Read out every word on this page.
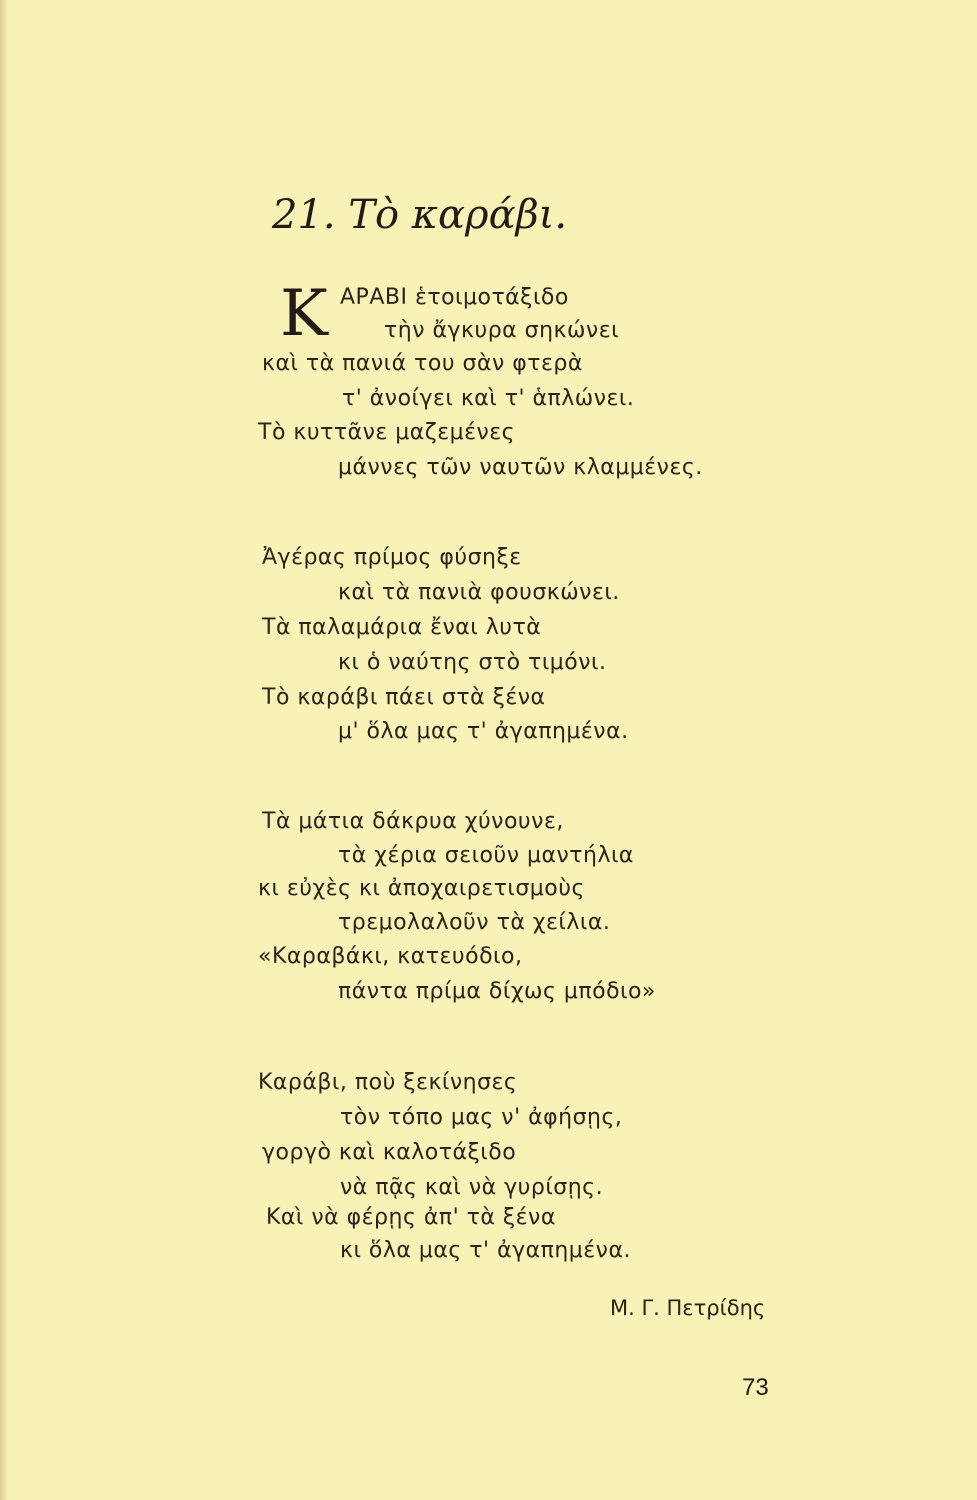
21. Τὸ καράβι.
Κ ΑΡΑΒΙ ἑτοιμοτάξιδο
τὴν ἄγκυρα σηκώνει
καὶ τὰ πανιά του σὰν φτερὰ
τ' ἀνοίγει καὶ τ' ἁπλώνει.
Τὸ κυττᾶνε μαζεμένες
μάννες τῶν ναυτῶν κλαμμένες.
Ἀγέρας πρίμος φύσηξε
καὶ τὰ πανιὰ φουσκώνει.
Τὰ παλαμάρια ἔναι λυτὰ
κι ὁ ναύτης στὸ τιμόνι.
Τὸ καράβι πάει στὰ ξένα
μ' ὅλα μας τ' ἀγαπημένα.
Τὰ μάτια δάκρυα χύνουνε,
τὰ χέρια σειοῦν μαντήλια
κι εὐχὲς κι ἀποχαιρετισμοὺς
τρεμολαλοῦν τὰ χείλια.
«Καραβάκι, κατευόδιο,
πάντα πρίμα δίχως μπόδιο»
Καράβι, ποὺ ξεκίνησες
τὸν τόπο μας ν' ἀφήσῃς,
γοργὸ καὶ καλοτάξιδο
νὰ πᾷς καὶ νὰ γυρίσῃς.
Καὶ νὰ φέρῃς ἀπ' τὰ ξένα
κι ὅλα μας τ' ἀγαπημένα.
Μ. Γ. Πετρίδης
73
